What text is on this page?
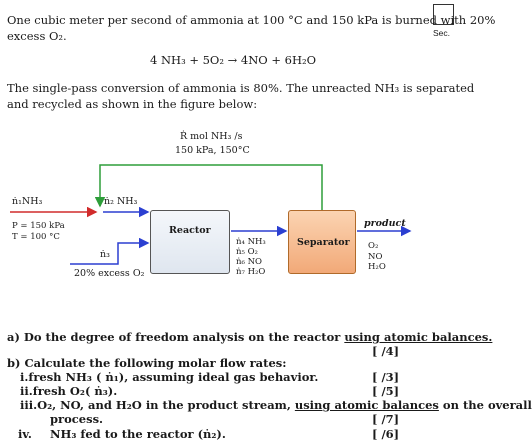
Sec.
One cubic meter per second of ammonia at 100 °C and 150 kPa is burned with 20%
excess O₂.
4 NH₃ + 5O₂ → 4NO + 6H₂O
The single-pass conversion of ammonia is 80%. The unreacted NH₃ is separated
and recycled as shown in the figure below:
Ṙ mol NH₃ /s
150 kPa, 150°C
ṅ₁NH₃
P = 150 kPa
T = 100 °C
ṅ₂ NH₃
ṅ₃
20% excess O₂
Reactor
Separator
ṅ₄ NH₃
ṅ₅ O₂
ṅ₆ NO
ṅ₇ H₂O
product
O₂
NO
H₂O
a) Do the degree of freedom analysis on the reactor using atomic balances.
[ /4]
b) Calculate the following molar flow rates:
i.fresh NH₃ ( ṅ₁), assuming ideal gas behavior.	[ /3]
ii.fresh O₂( ṅ₃).	[ /5]
iii.O₂, NO, and H₂O in the product stream, using atomic balances on the overall
process.	[ /7]
iv. NH₃ fed to the reactor (ṅ₂).	[ /6]
